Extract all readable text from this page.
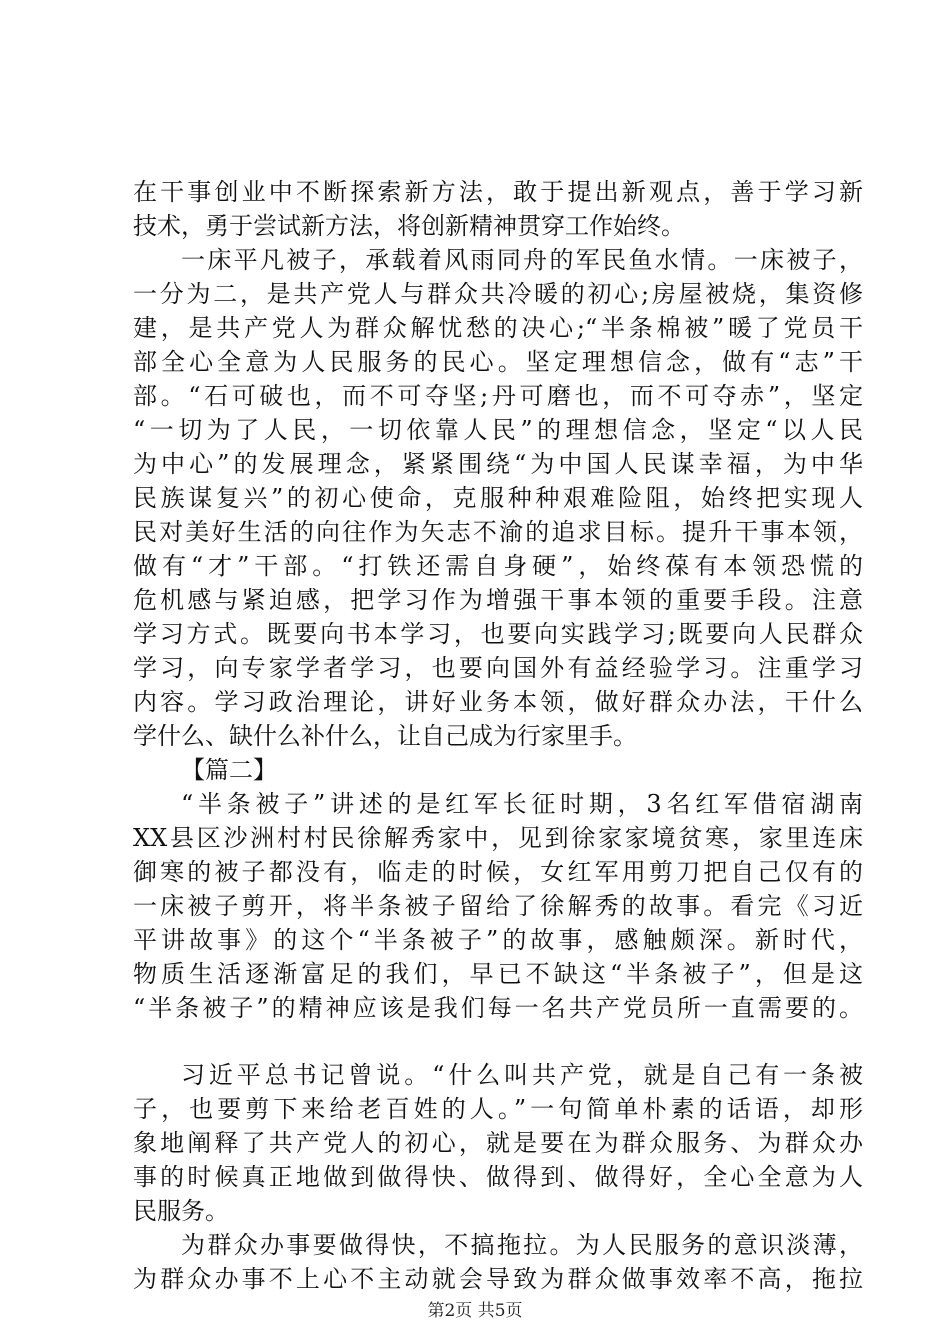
在干事创业中不断探索新方法，敢于提出新观点，善于学习新
技术，勇于尝试新方法，将创新精神贯穿工作始终。
一床平凡被子，承载着风雨同舟的军民鱼水情。一床被子，
一分为二，是共产党人与群众共冷暖的初心;房屋被烧，集资修
建，是共产党人为群众解忧愁的决心;“半条棉被”暖了党员干
部全心全意为人民服务的民心。坚定理想信念，做有“志”干
部。“石可破也，而不可夺坚;丹可磨也，而不可夺赤”，坚定
“一切为了人民，一切依靠人民”的理想信念，坚定“以人民
为中心”的发展理念，紧紧围绕“为中国人民谋幸福，为中华
民族谋复兴”的初心使命，克服种种艰难险阻，始终把实现人
民对美好生活的向往作为矢志不渝的追求目标。提升干事本领，
做有“才”干部。“打铁还需自身硬”，始终葆有本领恐慌的
危机感与紧迫感，把学习作为增强干事本领的重要手段。注意
学习方式。既要向书本学习，也要向实践学习;既要向人民群众
学习，向专家学者学习，也要向国外有益经验学习。注重学习
内容。学习政治理论，讲好业务本领，做好群众办法，干什么
学什么、缺什么补什么，让自己成为行家里手。
【篇二】
“半条被子”讲述的是红军长征时期，3名红军借宿湖南
XX县区沙洲村村民徐解秀家中，见到徐家家境贫寒，家里连床
御寒的被子都没有，临走的时候，女红军用剪刀把自己仅有的
一床被子剪开，将半条被子留给了徐解秀的故事。看完《习近
平讲故事》的这个“半条被子”的故事，感触颇深。新时代，
物质生活逐渐富足的我们，早已不缺这“半条被子”，但是这
“半条被子”的精神应该是我们每一名共产党员所一直需要的。
习近平总书记曾说。“什么叫共产党，就是自己有一条被
子，也要剪下来给老百姓的人。”一句简单朴素的话语，却形
象地阐释了共产党人的初心，就是要在为群众服务、为群众办
事的时候真正地做到做得快、做得到、做得好，全心全意为人
民服务。
为群众办事要做得快，不搞拖拉。为人民服务的意识淡薄，
为群众办事不上心不主动就会导致为群众做事效率不高，拖拉
第2页 共5页
